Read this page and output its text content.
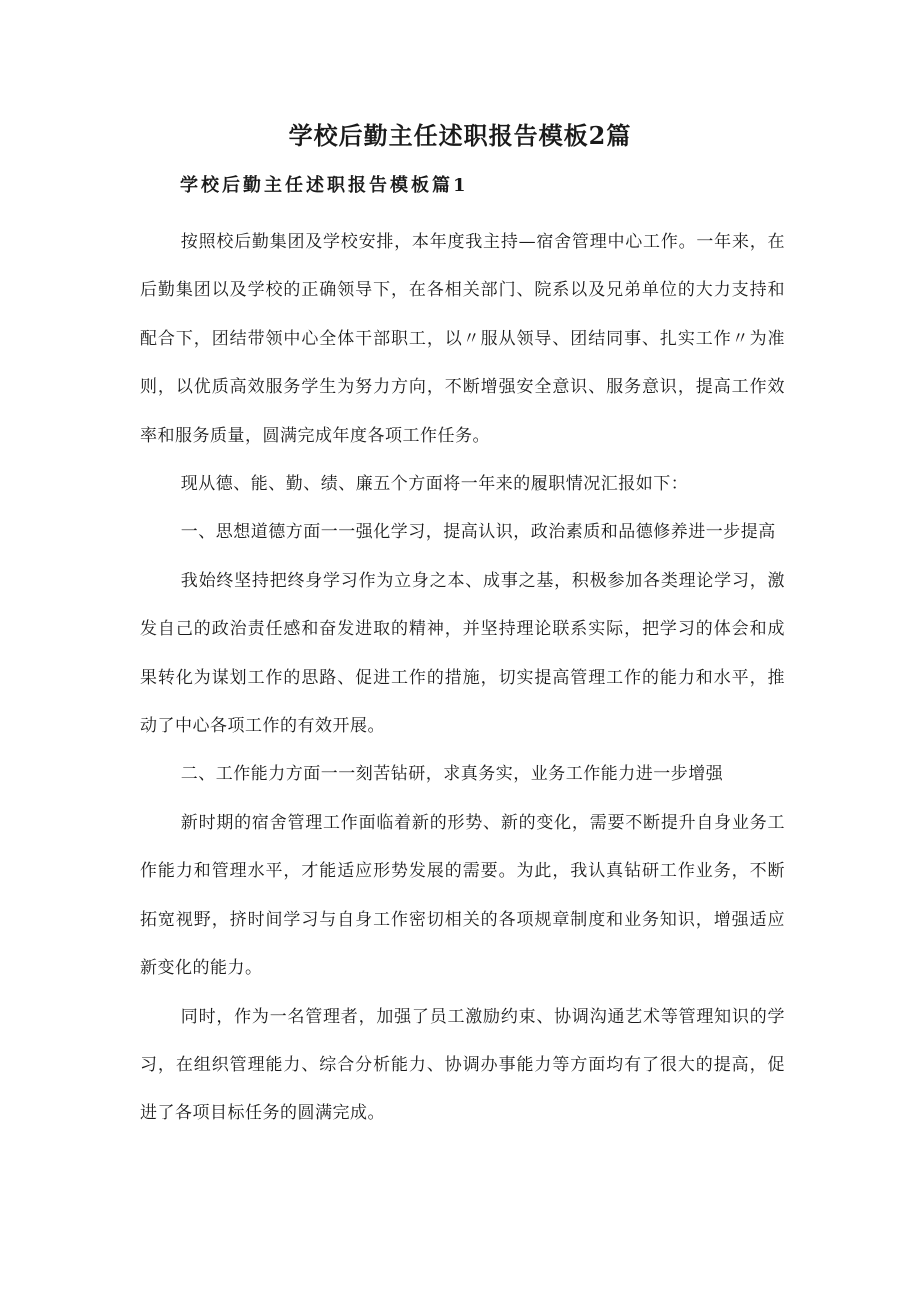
学校后勤主任述职报告模板2篇
学校后勤主任述职报告模板篇1

按照校后勤集团及学校安排，本年度我主持—宿舍管理中心工作。一年来，在后勤集团以及学校的正确领导下，在各相关部门、院系以及兄弟单位的大力支持和配合下，团结带领中心全体干部职工，以〃服从领导、团结同事、扎实工作〃为准则，以优质高效服务学生为努力方向，不断增强安全意识、服务意识，提高工作效率和服务质量，圆满完成年度各项工作任务。

现从德、能、勤、绩、廉五个方面将一年来的履职情况汇报如下：

一、思想道德方面一一强化学习，提高认识，政治素质和品德修养进一步提高

我始终坚持把终身学习作为立身之本、成事之基，积极参加各类理论学习，激发自己的政治责任感和奋发进取的精神，并坚持理论联系实际，把学习的体会和成果转化为谋划工作的思路、促进工作的措施，切实提高管理工作的能力和水平，推动了中心各项工作的有效开展。

二、工作能力方面一一刻苦钻研，求真务实，业务工作能力进一步增强

新时期的宿舍管理工作面临着新的形势、新的变化，需要不断提升自身业务工作能力和管理水平，才能适应形势发展的需要。为此，我认真钻研工作业务，不断拓宽视野，挤时间学习与自身工作密切相关的各项规章制度和业务知识，增强适应新变化的能力。

同时，作为一名管理者，加强了员工激励约束、协调沟通艺术等管理知识的学习，在组织管理能力、综合分析能力、协调办事能力等方面均有了很大的提高，促进了各项目标任务的圆满完成。
